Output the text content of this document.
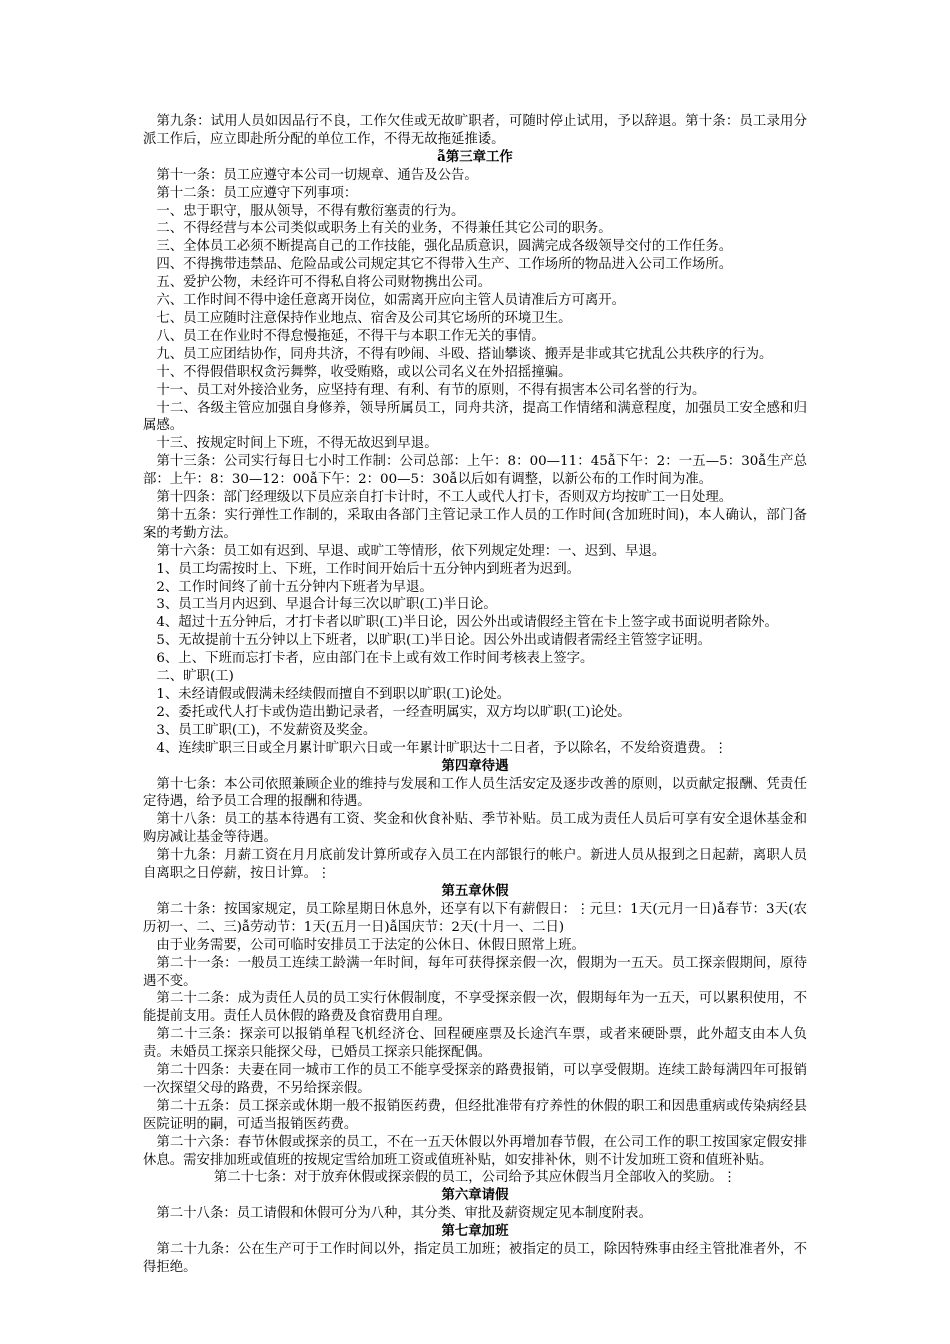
第九条：试用人员如因品行不良，工作欠佳或无故旷职者，可随时停止试用，予以辞退。第十条：员工录用分派工作后，应立即赴所分配的单位工作，不得无故拖延推诿。

ẫ第三章工作

第十一条：员工应遵守本公司一切规章、通告及公告。

第十二条：员工应遵守下列事项：

一、忠于职守，服从领导，不得有敷衍塞责的行为。

二、不得经营与本公司类似或职务上有关的业务，不得兼任其它公司的职务。

三、全体员工必须不断提高自己的工作技能，强化品质意识，圆满完成各级领导交付的工作任务。

四、不得携带违禁品、危险品或公司规定其它不得带入生产、工作场所的物品进入公司工作场所。

五、爱护公物，未经许可不得私自将公司财物携出公司。

六、工作时间不得中途任意离开岗位，如需离开应向主管人员请准后方可离开。

七、员工应随时注意保持作业地点、宿舍及公司其它场所的环境卫生。

八、员工在作业时不得怠慢拖延，不得干与本职工作无关的事情。

九、员工应团结协作，同舟共济，不得有吵闹、斗殴、搭讪攀谈、搬弄是非或其它扰乱公共秩序的行为。

十、不得假借职权贪污舞弊，收受贿赂，或以公司名义在外招摇撞骗。

十一、员工对外接洽业务，应坚持有理、有利、有节的原则，不得有损害本公司名誉的行为。

十二、各级主管应加强自身修养，领导所属员工，同舟共济，提高工作情绪和满意程度，加强员工安全感和归属感。

十三、按规定时间上下班，不得无故迟到早退。

第十三条：公司实行每日七小时工作制：公司总部：上午：8：00—11：45ẫ下午：2：一五—5：30ẫ生产总部：上午：8：30—12：00ẫ下午：2：00—5：30ẫ以后如有调整，以新公布的工作时间为准。

第十四条：部门经理级以下员应亲自打卡计时，不工人或代人打卡，否则双方均按旷工一日处理。

第十五条：实行弹性工作制的，采取由各部门主管记录工作人员的工作时间(含加班时间)，本人确认，部门备案的考勤方法。

第十六条：员工如有迟到、早退、或旷工等情形，依下列规定处理：一、迟到、早退。

1、员工均需按时上、下班，工作时间开始后十五分钟内到班者为迟到。

2、工作时间终了前十五分钟内下班者为早退。

3、员工当月内迟到、早退合计每三次以旷职(工)半日论。

4、超过十五分钟后，才打卡者以旷职(工)半日论，因公外出或请假经主管在卡上签字或书面说明者除外。

5、无故提前十五分钟以上下班者，以旷职(工)半日论。因公外出或请假者需经主管签字证明。

6、上、下班而忘打卡者，应由部门在卡上或有效工作时间考核表上签字。

二、旷职(工)

1、未经请假或假满未经续假而擅自不到职以旷职(工)论处。

2、委托或代人打卡或伪造出勤记录者，一经查明属实，双方均以旷职(工)论处。

3、员工旷职(工)，不发薪资及奖金。

4、连续旷职三日或全月累计旷职六日或一年累计旷职达十二日者，予以除名，不发给资遣费。⋮

第四章待遇

第十七条：本公司依照兼顾企业的维持与发展和工作人员生活安定及逐步改善的原则，以贡献定报酬、凭责任定待遇，给予员工合理的报酬和待遇。

第十八条：员工的基本待遇有工资、奖金和伙食补贴、季节补贴。员工成为责任人员后可享有安全退休基金和购房减让基金等待遇。

第十九条：月薪工资在月月底前发计算所或存入员工在内部银行的帐户。新进人员从报到之日起薪，离职人员自离职之日停薪，按日计算。⋮

第五章休假

第二十条：按国家规定，员工除星期日休息外，还享有以下有薪假日：⋮元旦：1天(元月一日)ẫ春节：3天(农历初一、二、三)ẫ劳动节：1天(五月一日)ẫ国庆节：2天(十月一、二日)

由于业务需要，公司可临时安排员工于法定的公休日、休假日照常上班。

第二十一条：一般员工连续工龄满一年时间，每年可获得探亲假一次，假期为一五天。员工探亲假期间，原待遇不变。

第二十二条：成为责任人员的员工实行休假制度，不享受探亲假一次，假期每年为一五天，可以累积使用，不能提前支用。责任人员休假的路费及食宿费用自理。

第二十三条：探亲可以报销单程飞机经济仓、回程硬座票及长途汽车票，或者来硬卧票，此外超支由本人负责。未婚员工探亲只能探父母，已婚员工探亲只能探配偶。

第二十四条：夫妻在同一城市工作的员工不能享受探亲的路费报销，可以享受假期。连续工龄每满四年可报销一次探望父母的路费，不另给探亲假。

第二十五条：员工探亲或休期一般不报销医药费，但经批准带有疗养性的休假的职工和因患重病或传染病经县医院证明的嗣，可适当报销医药费。

第二十六条：春节休假或探亲的员工，不在一五天休假以外再增加春节假，在公司工作的职工按国家定假安排休息。需安排加班或值班的按规定雪给加班工资或值班补贴，如安排补休，则不计发加班工资和值班补贴。

第二十七条：对于放弃休假或探亲假的员工，公司给予其应休假当月全部收入的奖励。⋮

第六章请假

第二十八条：员工请假和休假可分为八种，其分类、审批及薪资规定见本制度附表。

第七章加班

第二十九条：公在生产可于工作时间以外，指定员工加班；被指定的员工，除因特殊事由经主管批准者外，不得拒绝。
